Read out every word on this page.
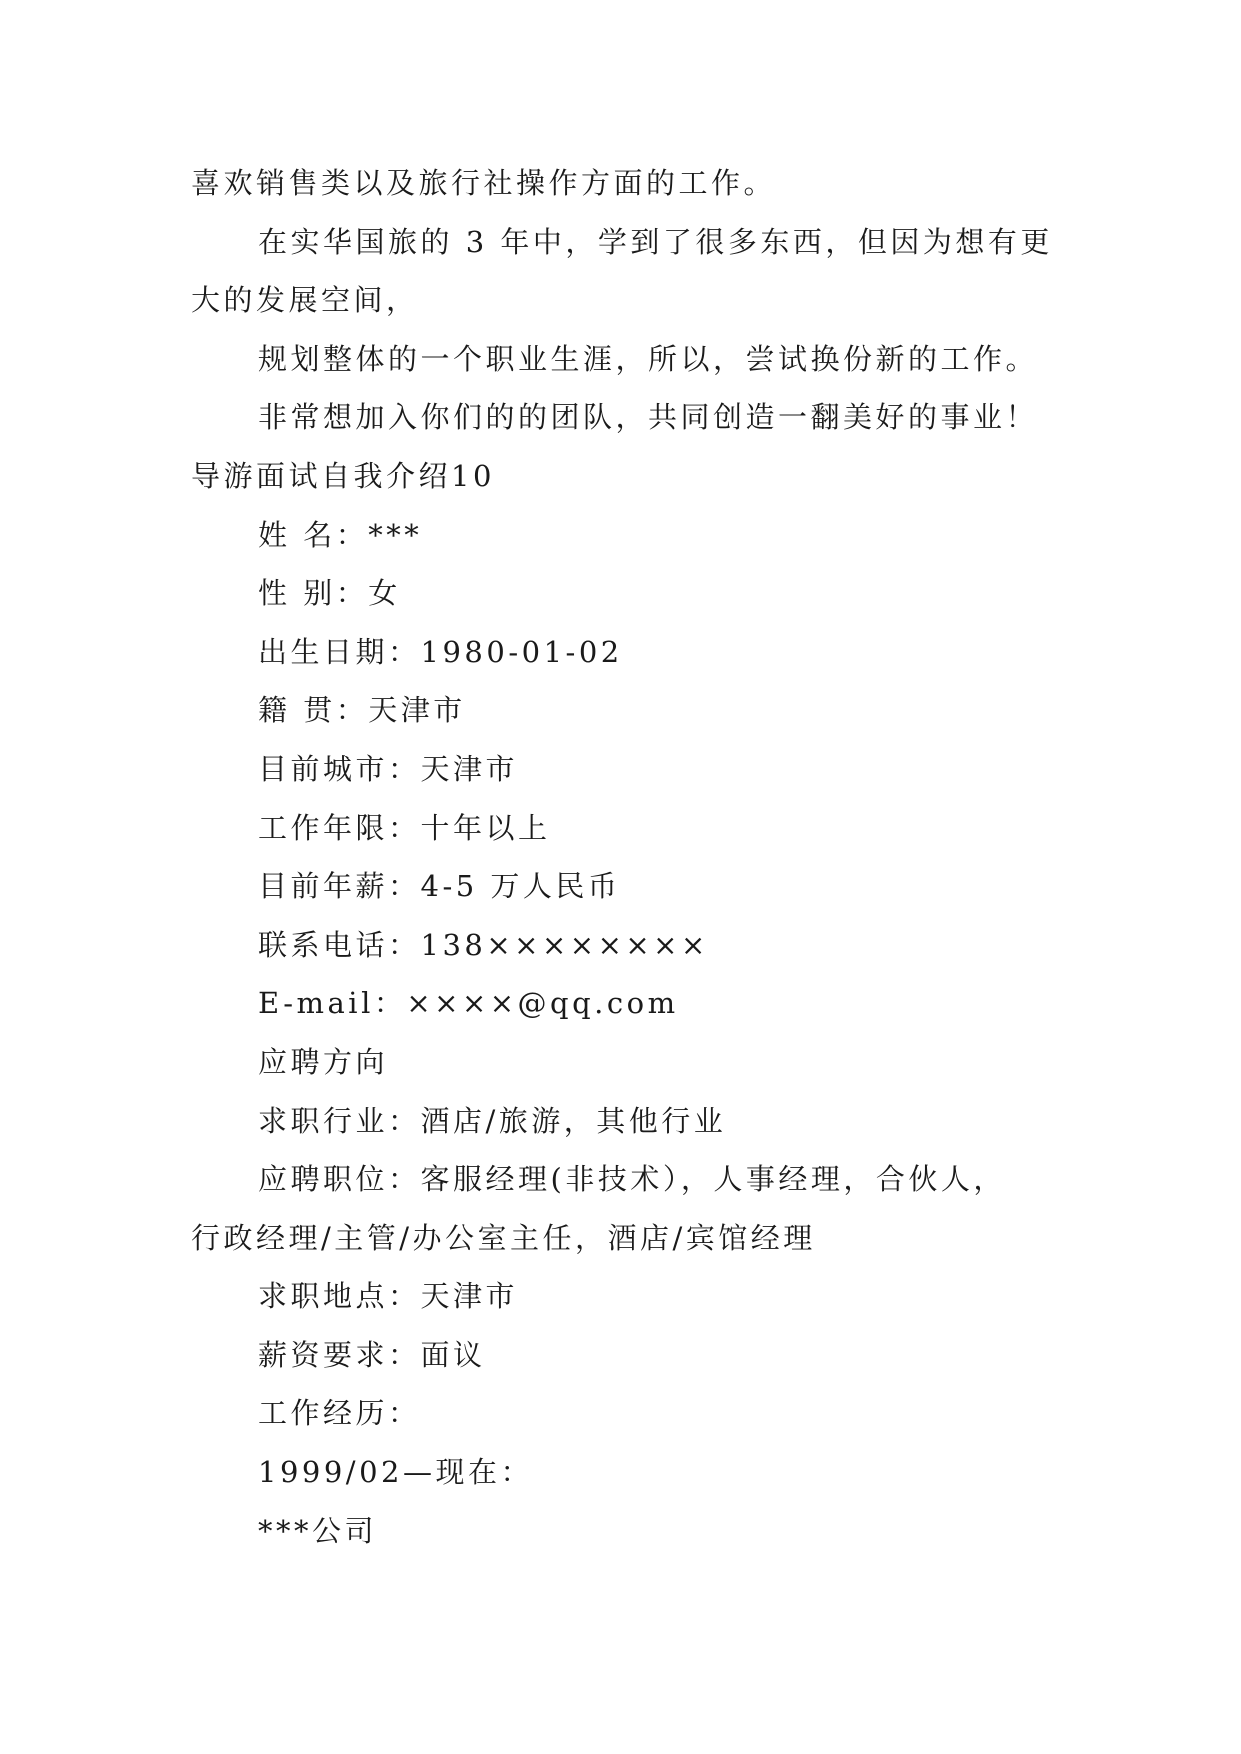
喜欢销售类以及旅行社操作方面的工作。
在实华国旅的 3 年中，学到了很多东西，但因为想有更
大的发展空间，
规划整体的一个职业生涯，所以，尝试换份新的工作。
非常想加入你们的的团队，共同创造一翻美好的事业！
导游面试自我介绍10
姓 名：***
性 别：女
出生日期：1980-01-02
籍 贯：天津市
目前城市：天津市
工作年限：十年以上
目前年薪：4-5 万人民币
联系电话：138××××××××
E-mail：××××@qq.com
应聘方向
求职行业：酒店/旅游，其他行业
应聘职位：客服经理(非技术），人事经理，合伙人，
行政经理/主管/办公室主任，酒店/宾馆经理
求职地点：天津市
薪资要求：面议
工作经历：
1999/02—现在：
***公司
